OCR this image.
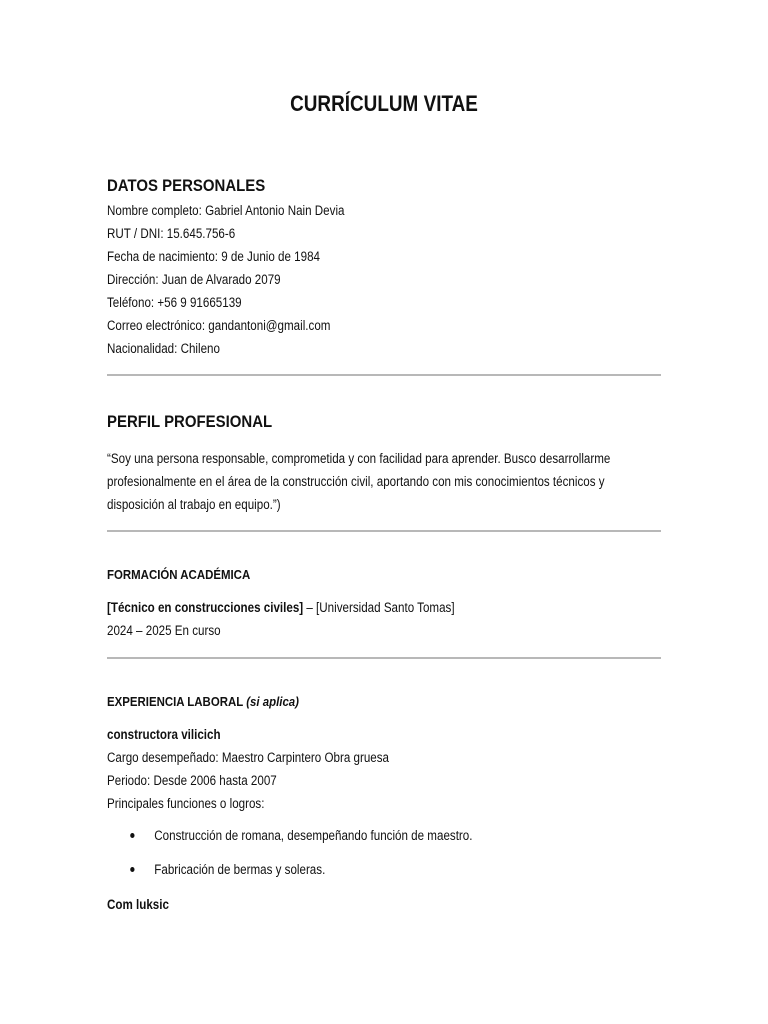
CURRÍCULUM VITAE
DATOS PERSONALES
Nombre completo: Gabriel Antonio Nain Devia
RUT / DNI: 15.645.756-6
Fecha de nacimiento: 9 de Junio de 1984
Dirección: Juan de Alvarado 2079
Teléfono: +56 9 91665139
Correo electrónico: gandantoni@gmail.com
Nacionalidad: Chileno
PERFIL PROFESIONAL
“Soy una persona responsable, comprometida y con facilidad para aprender. Busco desarrollarme profesionalmente en el área de la construcción civil, aportando con mis conocimientos técnicos y disposición al trabajo en equipo.”)
FORMACIÓN ACADÉMICA
[Técnico en construcciones civiles] – [Universidad Santo Tomas]
2024 – 2025 En curso
EXPERIENCIA LABORAL (si aplica)
constructora vilicich
Cargo desempeñado: Maestro Carpintero Obra gruesa
Periodo: Desde 2006 hasta 2007
Principales funciones o logros:
Construcción de romana, desempeñando función de maestro.
Fabricación de bermas y soleras.
Com luksic
